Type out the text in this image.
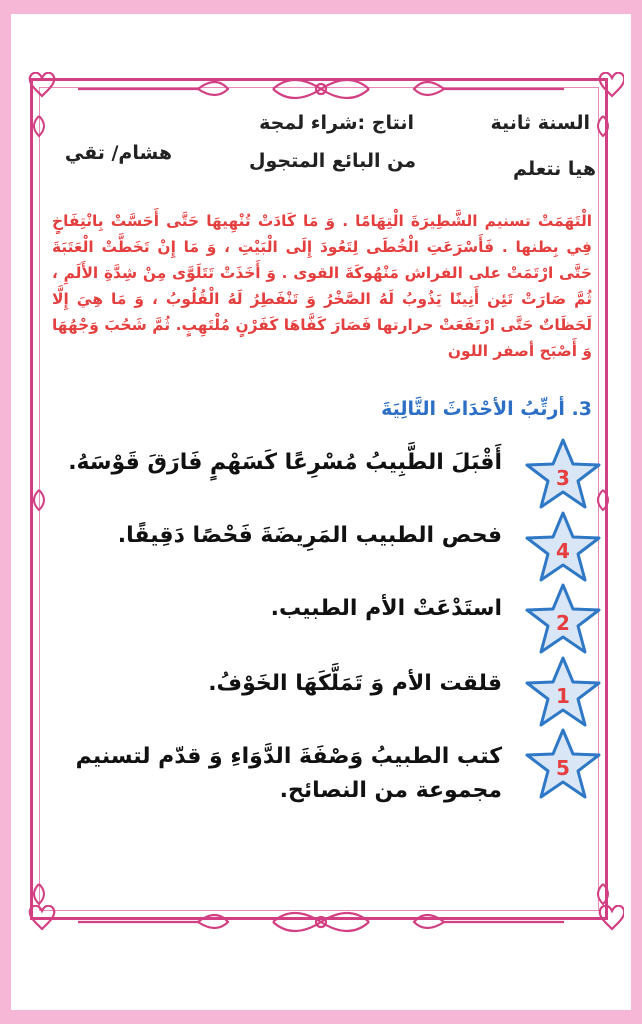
السنة ثانية
هيا نتعلم
انتاج :شراء لمجة
من البائع المتجول
هشام/ تقي
الْتَهَمَتْ تسنيم الشَّطِيرَةَ الْتِهَامًا . وَ مَا كَادَتْ تُنْهِيهَا حَتَّى أَحَسَّتْ بِانْتِفَاخٍ فِي بِطنها . فَأَسْرَعَتِ الْخُطَى لِتَعُودَ إِلَى الْبَيْتِ ، وَ مَا إِنْ تَخَطَّتْ الْعَتَبَةَ حَتَّى ارْتَمَتْ على الفراش مَنْهُوكَةَ القوى . وَ أَخَذَتْ تَتَلَوَّى مِنْ شِدَّةِ الأَلَمِ ، ثُمَّ صَارَتْ تَئِن أَنِينًا يَذُوبُ لَهُ الصَّخْرُ وَ تَنْفَطِرُ لَهُ الْقُلُوبُ ، وَ مَا هِيَ إِلَّا لَحَظَاتٌ حَتَّى ارْتَفَعَتْ حرارتها فَصَارَ كَفَّاهَا كَفَرْنٍ مُلْتَهِبٍ. ثُمَّ شَحُبَ وَجْهُهَا وَ أَصْبَح أصفر اللون
3. أرتِّبُ الأحْدَاثَ التَّالِيَةَ
3
أَقْبَلَ الطَّبِيبُ مُسْرِعًا كَسَهْمٍ فَارَقَ قَوْسَهُ.
4
فحص الطبيب المَرِيضَةَ فَحْصًا دَقِيقًا.
2
استَدْعَتْ الأم الطبيب.
1
قلقت الأم وَ تَمَلَّكَهَا الخَوْفُ.
5
كتب الطبيبُ وَصْفَةَ الدَّوَاءِ وَ قدّم لتسنيم مجموعة من النصائح.
